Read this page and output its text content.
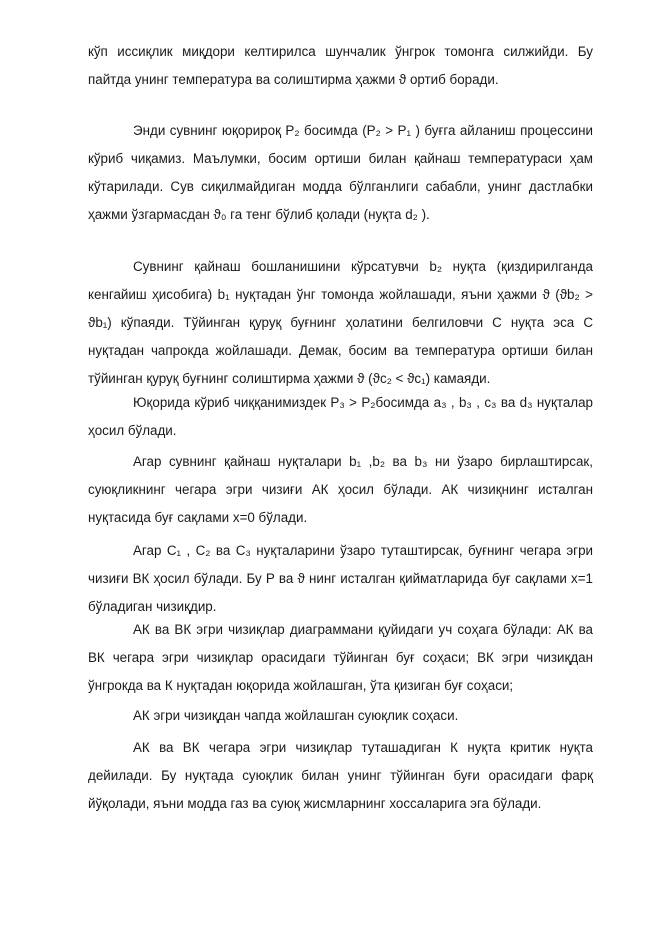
кўп иссиқлик миқдори келтирилса шунчалик ўнгрок томонга силжийди. Бу пайтда унинг температура ва солиштирма ҳажми ϑ ортиб боради.

Энди сувнинг юқорироқ P₂ босимда (P₂ > P₁ ) буғга айланиш процессини кўриб чиқамиз. Маълумки, босим ортиши билан қайнаш температураси ҳам кўтарилади. Сув сиқилмайдиган модда бўлганлиги сабабли, унинг дастлабки ҳажми ўзгармасдан ϑ₀ га тенг бўлиб қолади (нуқта d₂ ).

Сувнинг қайнаш бошланишини кўрсатувчи b₂ нуқта (қиздирилганда кенгайиш ҳисобига) b₁ нуқтадан ўнг томонда жойлашади, яъни ҳажми ϑ (ϑb₂ > ϑb₁) кўпаяди. Тўйинган қуруқ буғнинг ҳолатини белгиловчи С нуқта эса С нуқтадан чапрокда жойлашади. Демак, босим ва температура ортиши билан тўйинган қуруқ буғнинг солиштирма ҳажми ϑ (ϑc₂ < ϑc₁) камаяди.

Юқорида кўриб чиққанимиздек P₃ > P₂босимда a₃ , b₃ , c₃ ва d₃ нуқталар ҳосил бўлади.

Агар сувнинг қайнаш нуқталари b₁ ,b₂ ва b₃ ни ўзаро бирлаштирсак, суюқликнинг чегара эгри чизиғи АК ҳосил бўлади. АК чизиқнинг исталган нуқтасида буғ сақлами х=0 бўлади.

Агар С₁ , С₂ ва С₃ нуқталарини ўзаро туташтирсак, буғнинг чегара эгри чизиғи ВК ҳосил бўлади. Бу Р ва ϑ нинг исталган қийматларида буғ сақлами х=1 бўладиган чизиқдир.

АК ва ВК эгри чизиқлар диаграммани қуйидаги уч соҳага бўлади: АК ва ВК чегара эгри чизиқлар орасидаги тўйинган буғ соҳаси; ВК эгри чизиқдан ўнгрокда ва К нуқтадан юқорида жойлашган, ўта қизиган буғ соҳаси;

АК эгри чизиқдан чапда жойлашган суюқлик соҳаси.

АК ва ВК чегара эгри чизиқлар туташадиган К нуқта критик нуқта дейилади. Бу нуқтада суюқлик билан унинг тўйинган буғи орасидаги фарқ йўқолади, яъни модда газ ва суюқ жисмларнинг хоссаларига эга бўлади.
